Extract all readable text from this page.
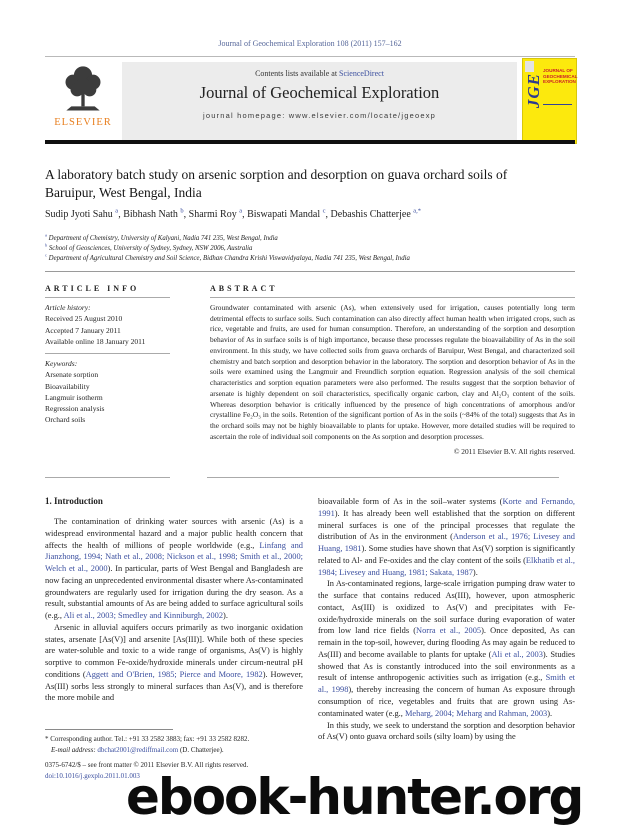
Journal of Geochemical Exploration 108 (2011) 157–162
ELSEVIER
Contents lists available at ScienceDirect
Journal of Geochemical Exploration
journal homepage: www.elsevier.com/locate/jgeoexp
JGE
JOURNAL OF GEOCHEMICAL EXPLORATION
A laboratory batch study on arsenic sorption and desorption on guava orchard soils of Baruipur, West Bengal, India
Sudip Jyoti Sahu $^a$, Bibhash Nath $^b$, Sharmi Roy $^a$, Biswapati Mandal $^c$, Debashis Chatterjee $^{a,*}$
$^a$ Department of Chemistry, University of Kalyani, Nadia 741 235, West Bengal, India
$^b$ School of Geosciences, University of Sydney, Sydney, NSW 2006, Australia
$^c$ Department of Agricultural Chemistry and Soil Science, Bidhan Chandra Krishi Viswavidyalaya, Nadia 741 235, West Bengal, India
ARTICLE INFO
Article history:
Received 25 August 2010
Accepted 7 January 2011
Available online 18 January 2011
Keywords:
Arsenate sorption
Bioavailability
Langmuir isotherm
Regression analysis
Orchard soils
ABSTRACT
Groundwater contaminated with arsenic (As), when extensively used for irrigation, causes potentially long term detrimental effects to surface soils. Such contamination can also directly affect human health when irrigated crops, such as rice, vegetable and fruits, are used for human consumption. Therefore, an understanding of the sorption and desorption behavior of As in surface soils is of high importance, because these processes regulate the bioavailability of As in the soil environment. In this study, we have collected soils from guava orchards of Baruipur, West Bengal, and characterized soil chemistry and batch sorption and desorption behavior in the laboratory. The sorption and desorption behavior of As in the soils were examined using the Langmuir and Freundlich sorption equation. Regression analysis of the soil chemical characteristics and sorption equation parameters were also performed. The results suggest that the sorption behavior of arsenate is highly dependent on soil characteristics, specifically organic carbon, clay and Al₂O₃ content of the soils. Whereas desorption behavior is critically influenced by the presence of high concentrations of amorphous and/or crystalline Fe₂O₃ in the soils. Retention of the significant portion of As in the soils (~84% of the total) suggests that As in the orchard soils may not be highly bioavailable to plants for uptake. However, more detailed studies will be required to ascertain the role of individual soil components on the As sorption and desorption processes.
© 2011 Elsevier B.V. All rights reserved.
1. Introduction

The contamination of drinking water sources with arsenic (As) is a widespread environmental hazard and a major public health concern that affects the health of millions of people worldwide (e.g., Linfang and Jianzhong, 1994; Nath et al., 2008; Nickson et al., 1998; Smith et al., 2000; Welch et al., 2000). In particular, parts of West Bengal and Bangladesh are now facing an unprecedented environmental disaster where As-contaminated groundwaters are regularly used for irrigation during the dry season. As a result, substantial amounts of As are being added to surface agricultural soils (e.g., Ali et al., 2003; Smedley and Kinniburgh, 2002).

Arsenic in alluvial aquifers occurs primarily as two inorganic oxidation states, arsenate [As(V)] and arsenite [As(III)]. While both of these species are water-soluble and toxic to a wide range of organisms, As(V) is highly sorptive to common Fe-oxide/hydroxide minerals under circum-neutral pH conditions (Aggett and O'Brien, 1985; Pierce and Moore, 1982). However, As(III) sorbs less strongly to mineral surfaces than As(V), and is therefore the more mobile and

bioavailable form of As in the soil–water systems (Korte and Fernando, 1991). It has already been well established that the sorption on different mineral surfaces is one of the principal processes that regulate the distribution of As in the environment (Anderson et al., 1976; Livesey and Huang, 1981). Some studies have shown that As(V) sorption is significantly related to Al- and Fe-oxides and the clay content of the soils (Elkhatib et al., 1984; Livesey and Huang, 1981; Sakata, 1987).

In As-contaminated regions, large-scale irrigation pumping draw water to the surface that contains reduced As(III), however, upon atmospheric contact, As(III) is oxidized to As(V) and precipitates with Fe-oxide/hydroxide minerals on the soil surface during evaporation of water from low land rice fields (Norra et al., 2005). Once deposited, As can remain in the top-soil, however, during flooding As may again be reduced to As(III) and become available to plants for uptake (Ali et al., 2003). Studies showed that As is constantly introduced into the soil environments as a result of intense anthropogenic activities such as irrigation (e.g., Smith et al., 1998), thereby increasing the concern of human As exposure through consumption of rice, vegetables and fruits that are grown using As-contaminated water (e.g., Meharg, 2004; Meharg and Rahman, 2003).

In this study, we seek to understand the sorption and desorption behavior of As(V) onto guava orchard soils (silty loam) by using the

* Corresponding author. Tel.: +91 33 2582 3883; fax: +91 33 2582 8282.
E-mail address: dbchat2001@rediffmail.com (D. Chatterjee).
0375-6742/$ – see front matter © 2011 Elsevier B.V. All rights reserved.
doi:10.1016/j.gexplo.2011.01.003
ebook-hunter.org
